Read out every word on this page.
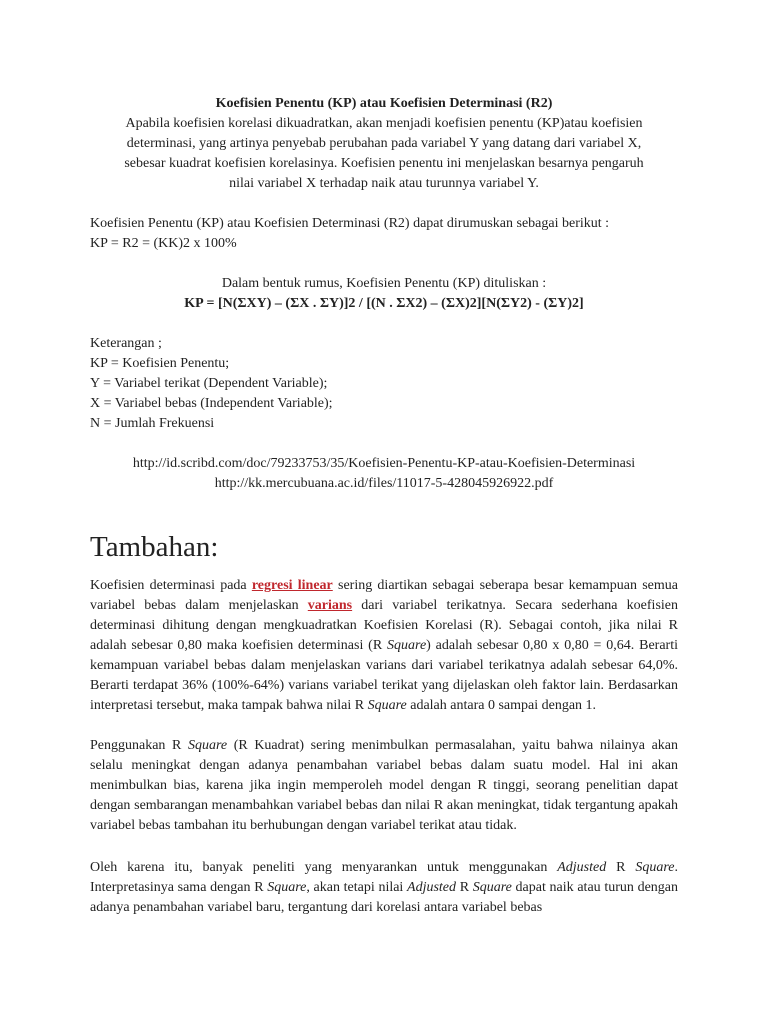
Koefisien Penentu (KP) atau Koefisien Determinasi (R2)
Apabila koefisien korelasi dikuadratkan, akan menjadi koefisien penentu (KP)atau koefisien
determinasi, yang artinya penyebab perubahan pada variabel Y yang datang dari variabel X,
sebesar kuadrat koefisien korelasinya. Koefisien penentu ini menjelaskan besarnya pengaruh
nilai variabel X terhadap naik atau turunnya variabel Y.
Koefisien Penentu (KP) atau Koefisien Determinasi (R2) dapat dirumuskan sebagai berikut :
KP = R2 = (KK)2 x 100%
Dalam bentuk rumus, Koefisien Penentu (KP) dituliskan :
KP = [N(ΣXY) – (ΣX . ΣY)]2 / [(N . ΣX2) – (ΣX)2][N(ΣY2) - (ΣY)2]
Keterangan ;
KP = Koefisien Penentu;
Y = Variabel terikat (Dependent Variable);
X = Variabel bebas (Independent Variable);
N = Jumlah Frekuensi
http://id.scribd.com/doc/79233753/35/Koefisien-Penentu-KP-atau-Koefisien-Determinasi
http://kk.mercubuana.ac.id/files/11017-5-428045926922.pdf
Tambahan:
Koefisien determinasi pada regresi linear sering diartikan sebagai seberapa besar kemampuan semua variabel bebas dalam menjelaskan varians dari variabel terikatnya. Secara sederhana koefisien determinasi dihitung dengan mengkuadratkan Koefisien Korelasi (R). Sebagai contoh, jika nilai R adalah sebesar 0,80 maka koefisien determinasi (R Square) adalah sebesar 0,80 x 0,80 = 0,64. Berarti kemampuan variabel bebas dalam menjelaskan varians dari variabel terikatnya adalah sebesar 64,0%. Berarti terdapat 36% (100%-64%) varians variabel terikat yang dijelaskan oleh faktor lain. Berdasarkan interpretasi tersebut, maka tampak bahwa nilai R Square adalah antara 0 sampai dengan 1.
Penggunakan R Square (R Kuadrat) sering menimbulkan permasalahan, yaitu bahwa nilainya akan selalu meningkat dengan adanya penambahan variabel bebas dalam suatu model. Hal ini akan menimbulkan bias, karena jika ingin memperoleh model dengan R tinggi, seorang penelitian dapat dengan sembarangan menambahkan variabel bebas dan nilai R akan meningkat, tidak tergantung apakah variabel bebas tambahan itu berhubungan dengan variabel terikat atau tidak.
Oleh karena itu, banyak peneliti yang menyarankan untuk menggunakan Adjusted R Square. Interpretasinya sama dengan R Square, akan tetapi nilai Adjusted R Square dapat naik atau turun dengan adanya penambahan variabel baru, tergantung dari korelasi antara variabel bebas
